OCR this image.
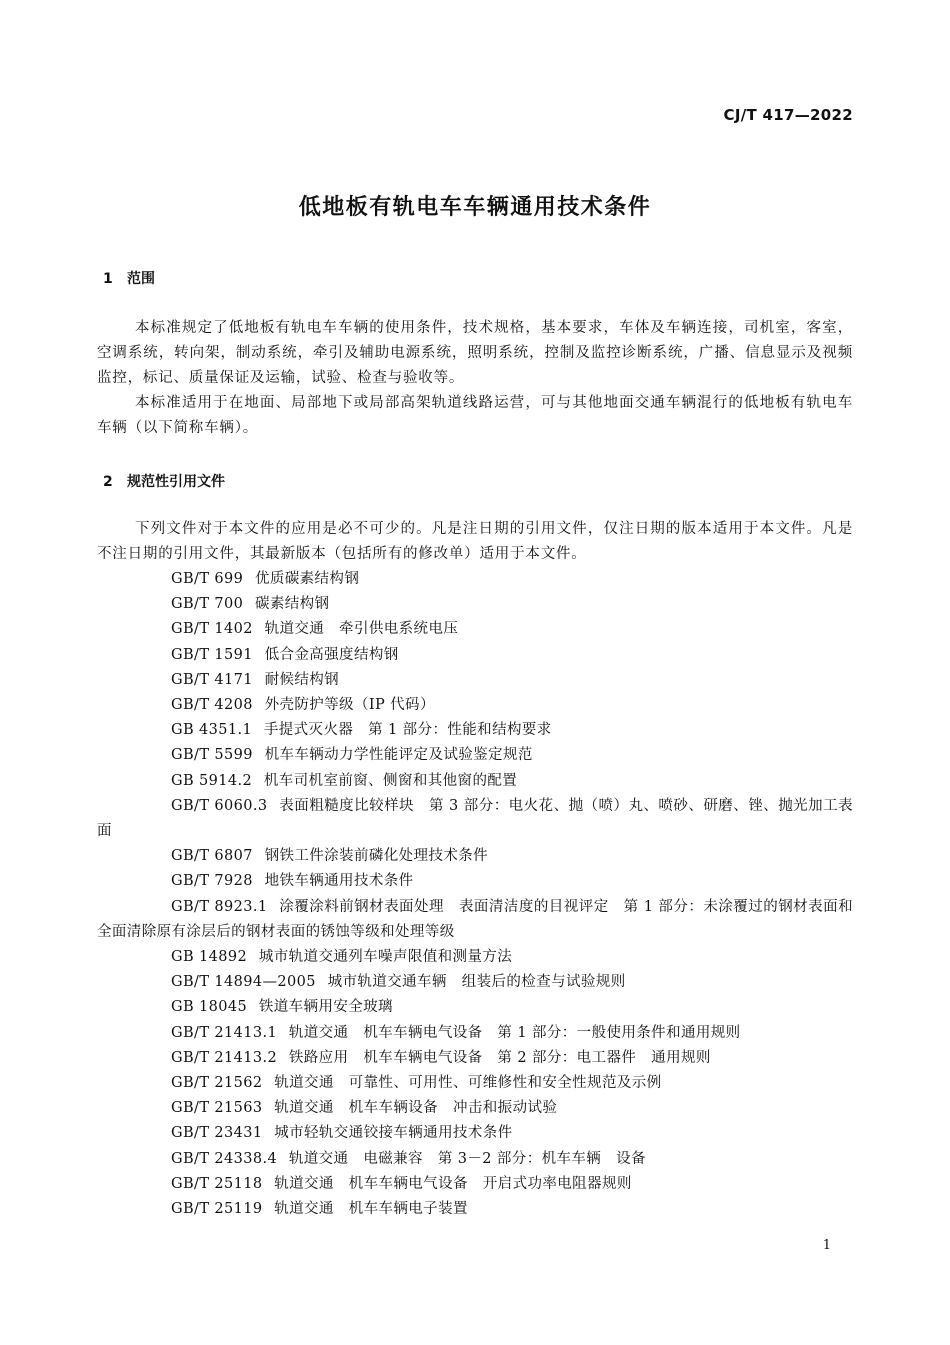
CJ/T 417—2022
低地板有轨电车车辆通用技术条件
1 范围

本标准规定了低地板有轨电车车辆的使用条件，技术规格，基本要求，车体及车辆连接，司机室，客室，空调系统，转向架，制动系统，牵引及辅助电源系统，照明系统，控制及监控诊断系统，广播、信息显示及视频监控，标记、质量保证及运输，试验、检查与验收等。

本标准适用于在地面、局部地下或局部高架轨道线路运营，可与其他地面交通车辆混行的低地板有轨电车车辆（以下简称车辆）。

2 规范性引用文件

下列文件对于本文件的应用是必不可少的。凡是注日期的引用文件，仅注日期的版本适用于本文件。凡是不注日期的引用文件，其最新版本（包括所有的修改单）适用于本文件。

GB/T 699  优质碳素结构钢
GB/T 700  碳素结构钢
GB/T 1402  轨道交通　牵引供电系统电压
GB/T 1591  低合金高强度结构钢
GB/T 4171  耐候结构钢
GB/T 4208  外壳防护等级（IP 代码）
GB 4351.1  手提式灭火器　第 1 部分：性能和结构要求
GB/T 5599  机车车辆动力学性能评定及试验鉴定规范
GB 5914.2  机车司机室前窗、侧窗和其他窗的配置
GB/T 6060.3  表面粗糙度比较样块　第 3 部分：电火花、抛（喷）丸、喷砂、研磨、锉、抛光加工表面
GB/T 6807  钢铁工件涂装前磷化处理技术条件
GB/T 7928  地铁车辆通用技术条件
GB/T 8923.1  涂覆涂料前钢材表面处理　表面清洁度的目视评定　第 1 部分：未涂覆过的钢材表面和全面清除原有涂层后的钢材表面的锈蚀等级和处理等级
GB 14892  城市轨道交通列车噪声限值和测量方法
GB/T 14894—2005  城市轨道交通车辆　组装后的检查与试验规则
GB 18045  铁道车辆用安全玻璃
GB/T 21413.1  轨道交通　机车车辆电气设备　第 1 部分：一般使用条件和通用规则
GB/T 21413.2  铁路应用　机车车辆电气设备　第 2 部分：电工器件　通用规则
GB/T 21562  轨道交通　可靠性、可用性、可维修性和安全性规范及示例
GB/T 21563  轨道交通　机车车辆设备　冲击和振动试验
GB/T 23431  城市轻轨交通铰接车辆通用技术条件
GB/T 24338.4  轨道交通　电磁兼容　第 3－2 部分：机车车辆　设备
GB/T 25118  轨道交通　机车车辆电气设备　开启式功率电阻器规则
GB/T 25119  轨道交通　机车车辆电子装置
1
